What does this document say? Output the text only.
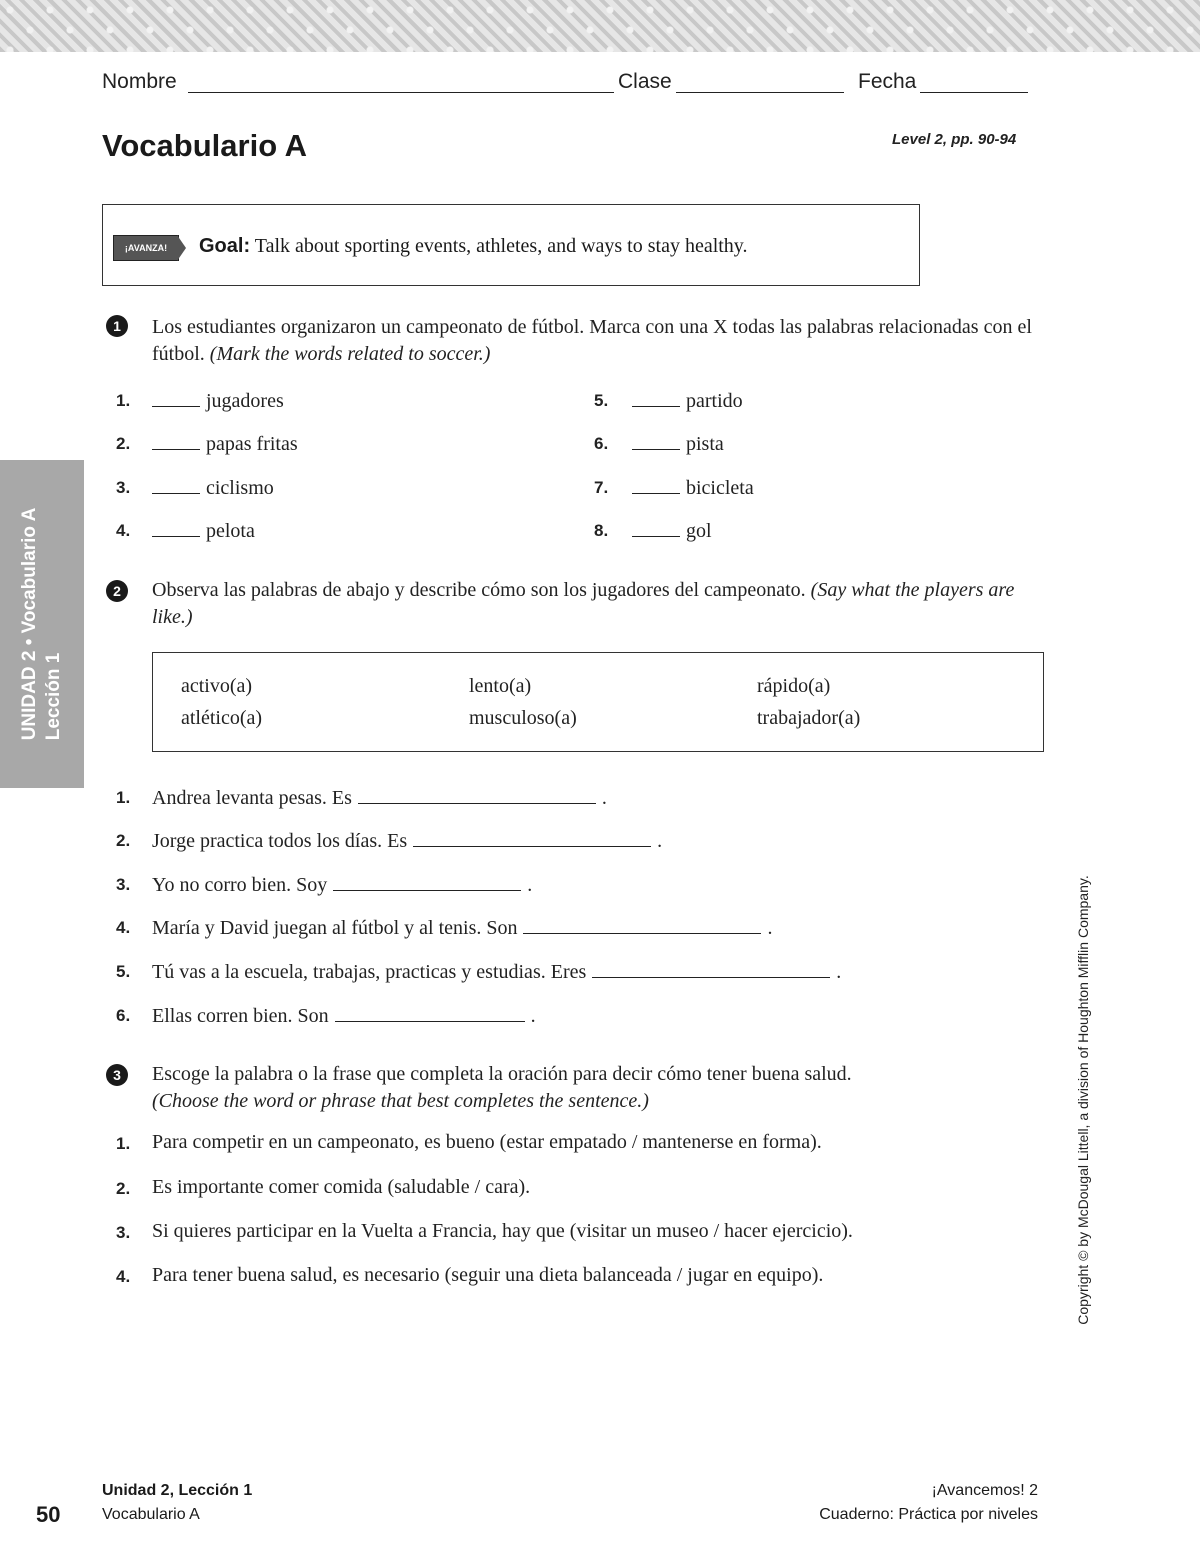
Nombre	Clase	Fecha
Vocabulario A	Level 2, pp. 90-94
¡AVANZA!	Goal: Talk about sporting events, athletes, and ways to stay healthy.
UNIDAD 2 • Vocabulario A Lección 1
1	Los estudiantes organizaron un campeonato de fútbol. Marca con una X todas las palabras relacionadas con el fútbol. (Mark the words related to soccer.)
1.	jugadores
2.	papas fritas
3.	ciclismo
4.	pelota
5.	partido
6.	pista
7.	bicicleta
8.	gol
2	Observa las palabras de abajo y describe cómo son los jugadores del campeonato. (Say what the players are like.)
activo(a)	lento(a)	rápido(a)
atlético(a)	musculoso(a)	trabajador(a)
1. Andrea levanta pesas. Es	.
2. Jorge practica todos los días. Es	.
3. Yo no corro bien. Soy	.
4. María y David juegan al fútbol y al tenis. Son	.
5. Tú vas a la escuela, trabajas, practicas y estudias. Eres	.
6. Ellas corren bien. Son	.
3	Escoge la palabra o la frase que completa la oración para decir cómo tener buena salud.
(Choose the word or phrase that best completes the sentence.)
1. Para competir en un campeonato, es bueno (estar empatado / mantenerse en forma).
2. Es importante comer comida (saludable / cara).
3. Si quieres participar en la Vuelta a Francia, hay que (visitar un museo / hacer ejercicio).
4. Para tener buena salud, es necesario (seguir una dieta balanceada / jugar en equipo).	Copyright © by McDougal Littell, a division of Houghton Mifflin Company.
50
Unidad 2, Lección 1
Vocabulario A
¡Avancemos! 2
Cuaderno: Práctica por niveles
